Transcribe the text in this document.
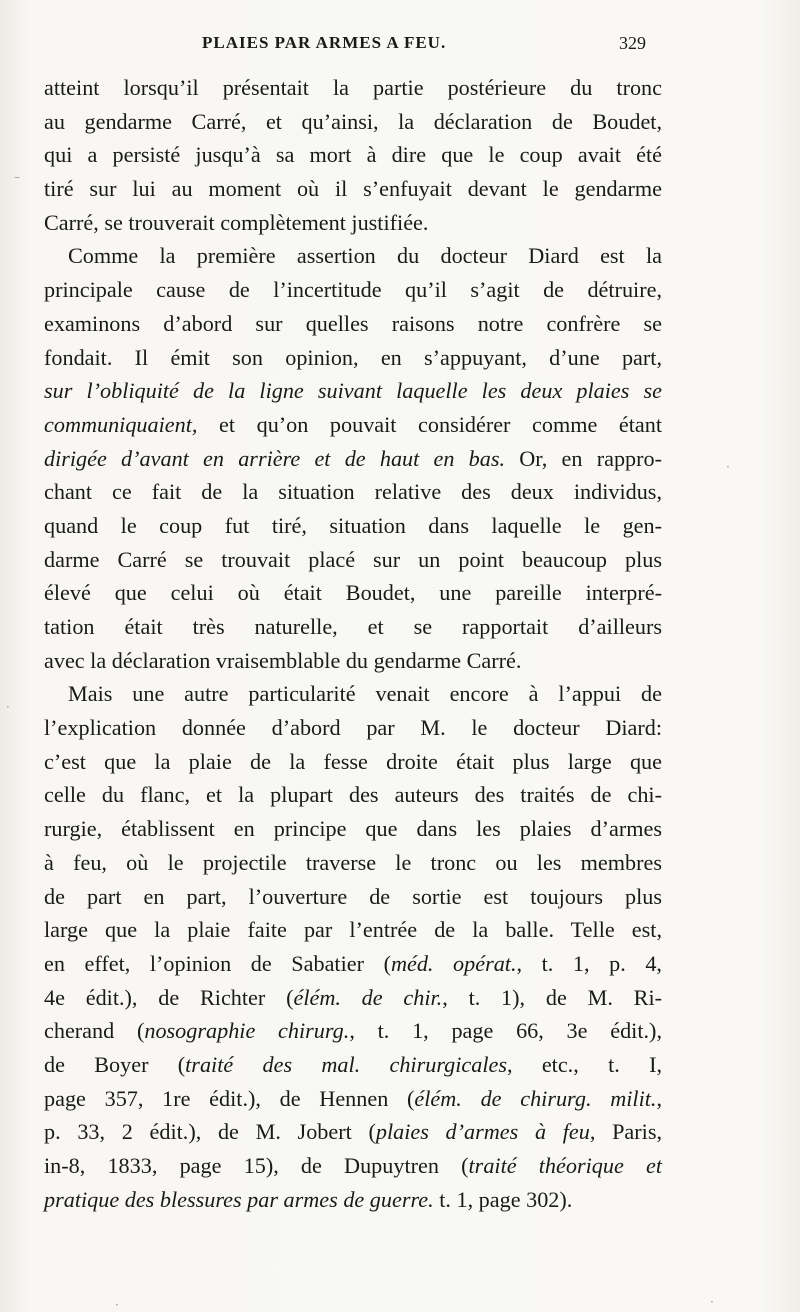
PLAIES PAR ARMES A FEU.	329
atteint lorsqu’il présentait la partie postérieure du tronc
au gendarme Carré, et qu’ainsi, la déclaration de Boudet,
qui a persisté jusqu’à sa mort à dire que le coup avait été
tiré sur lui au moment où il s’enfuyait devant le gendarme
Carré, se trouverait complètement justifiée.
Comme la première assertion du docteur Diard est la
principale cause de l’incertitude qu’il s’agit de détruire,
examinons d’abord sur quelles raisons notre confrère se
fondait. Il émit son opinion, en s’appuyant, d’une part,
sur l’obliquité de la ligne suivant laquelle les deux plaies se
communiquaient, et qu’on pouvait considérer comme étant
dirigée d’avant en arrière et de haut en bas. Or, en rappro-
chant ce fait de la situation relative des deux individus,
quand le coup fut tiré, situation dans laquelle le gen-
darme Carré se trouvait placé sur un point beaucoup plus
élevé que celui où était Boudet, une pareille interpré-
tation était très naturelle, et se rapportait d’ailleurs
avec la déclaration vraisemblable du gendarme Carré.
Mais une autre particularité venait encore à l’appui de
l’explication donnée d’abord par M. le docteur Diard:
c’est que la plaie de la fesse droite était plus large que
celle du flanc, et la plupart des auteurs des traités de chi-
rurgie, établissent en principe que dans les plaies d’armes
à feu, où le projectile traverse le tronc ou les membres
de part en part, l’ouverture de sortie est toujours plus
large que la plaie faite par l’entrée de la balle. Telle est,
en effet, l’opinion de Sabatier (méd. opérat., t. 1, p. 4,
4e édit.), de Richter (élém. de chir., t. 1), de M. Ri-
cherand (nosographie chirurg., t. 1, page 66, 3e édit.),
de Boyer (traité des mal. chirurgicales, etc., t. I,
page 357, 1re édit.), de Hennen (élém. de chirurg. milit.,
p. 33, 2 édit.), de M. Jobert (plaies d’armes à feu, Paris,
in-8, 1833, page 15), de Dupuytren (traité théorique et
pratique des blessures par armes de guerre. t. 1, page 302).
–
·
·
·
·
